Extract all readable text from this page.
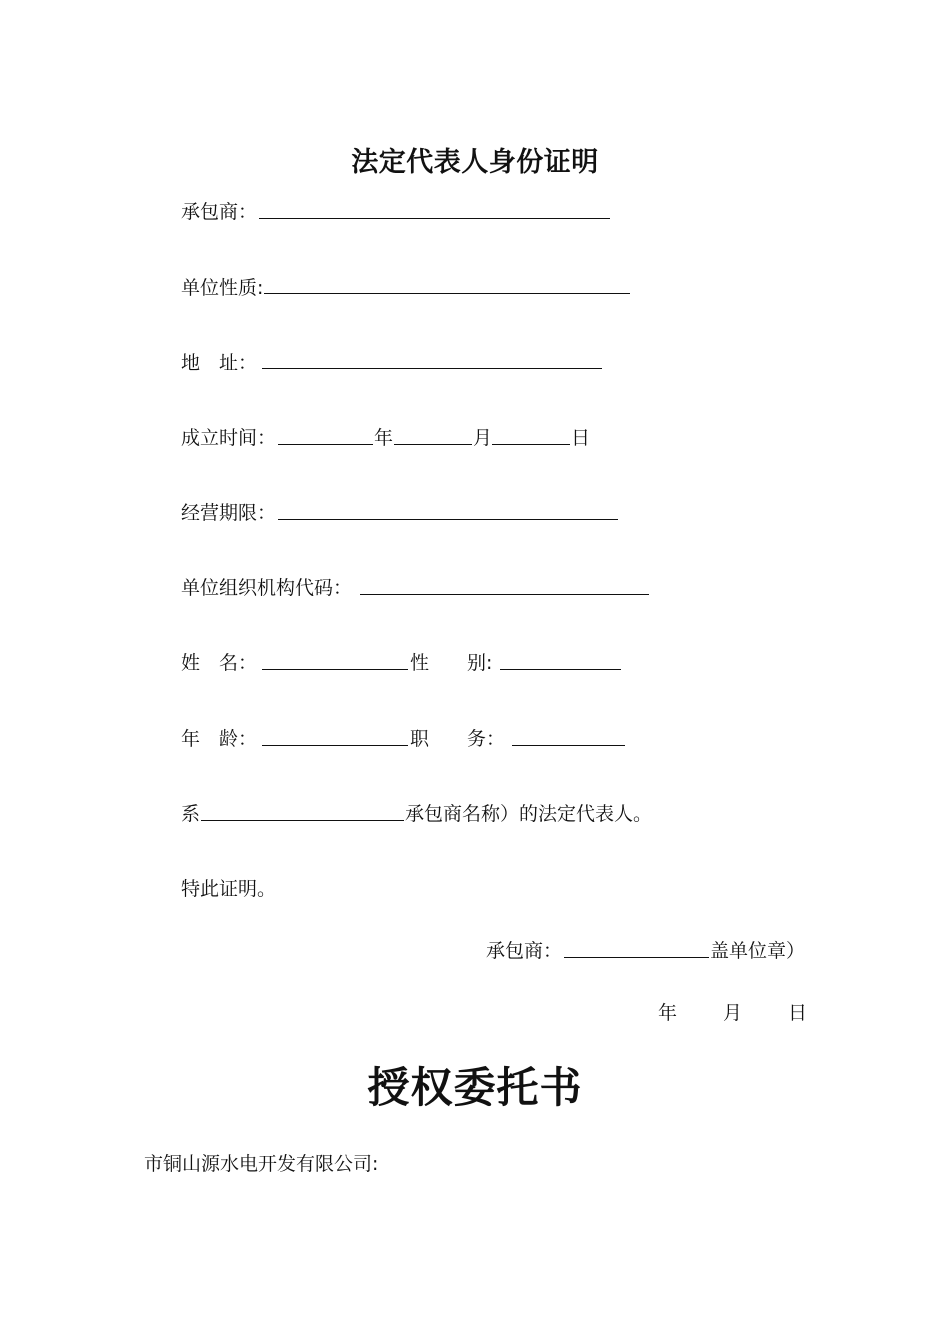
法定代表人身份证明
承包商：
单位性质:
地　址：
成立时间：	年	月	日
经营期限：
单位组织机构代码：
姓　名：	性　　别:
年　龄：	职　　务：
系	承包商名称）的法定代表人。
特此证明。
承包商：	盖单位章）
年 月 日
授权委托书
市铜山源水电开发有限公司:
